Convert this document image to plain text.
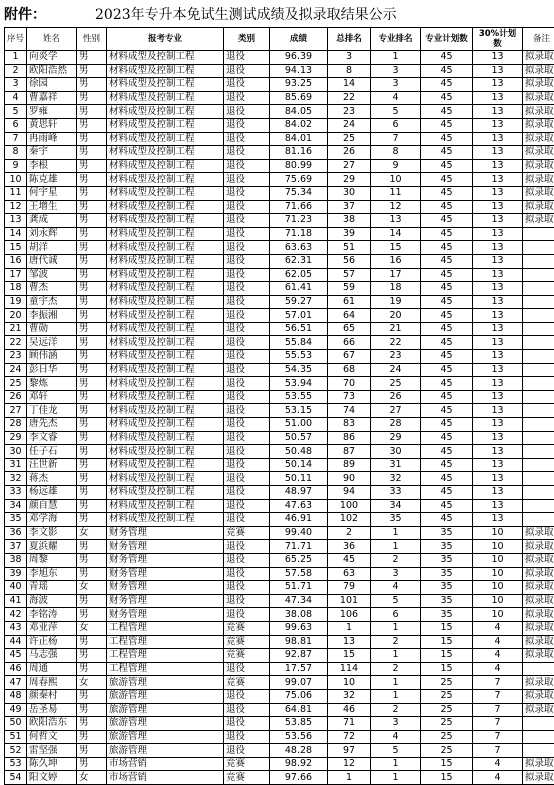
附件：	2023年专升本免试生测试成绩及拟录取结果公示
序号	姓名	性别	报考专业	类别	成绩	总排名	专业排名	专业计划数	30%计划数	备注
1	向炎学	男	材料成型及控制工程	退役	96.39	3	1	45	13	拟录取
2	欧阳浩然	男	材料成型及控制工程	退役	94.13	8	3	45	13	拟录取
3	徐园	男	材料成型及控制工程	退役	93.25	14	3	45	13	拟录取
4	曹嘉祥	男	材料成型及控制工程	退役	85.69	22	4	45	13	拟录取
5	罗雍	男	材料成型及控制工程	退役	84.05	23	5	45	13	拟录取
6	黄思轩	男	材料成型及控制工程	退役	84.02	24	6	45	13	拟录取
7	冉雨峰	男	材料成型及控制工程	退役	84.01	25	7	45	13	拟录取
8	秦宇	男	材料成型及控制工程	退役	81.16	26	8	45	13	拟录取
9	李根	男	材料成型及控制工程	退役	80.99	27	9	45	13	拟录取
10	陈克雄	男	材料成型及控制工程	退役	75.69	29	10	45	13	拟录取
11	何宇星	男	材料成型及控制工程	退役	75.34	30	11	45	13	拟录取
12	王增生	男	材料成型及控制工程	退役	71.66	37	12	45	13	拟录取
13	龚成	男	材料成型及控制工程	退役	71.23	38	13	45	13	拟录取
14	刘永辉	男	材料成型及控制工程	退役	71.18	39	14	45	13	
15	胡洋	男	材料成型及控制工程	退役	63.63	51	15	45	13	
16	唐代诚	男	材料成型及控制工程	退役	62.31	56	16	45	13	
17	邹波	男	材料成型及控制工程	退役	62.05	57	17	45	13	
18	曹杰	男	材料成型及控制工程	退役	61.41	59	18	45	13	
19	童宇杰	男	材料成型及控制工程	退役	59.27	61	19	45	13	
20	李振湘	男	材料成型及控制工程	退役	57.01	64	20	45	13	
21	曹勋	男	材料成型及控制工程	退役	56.51	65	21	45	13	
22	吴远洋	男	材料成型及控制工程	退役	55.84	66	22	45	13	
23	顾伟涵	男	材料成型及控制工程	退役	55.53	67	23	45	13	
24	彭日华	男	材料成型及控制工程	退役	54.35	68	24	45	13	
25	黎炼	男	材料成型及控制工程	退役	53.94	70	25	45	13	
26	邓轩	男	材料成型及控制工程	退役	53.55	73	26	45	13	
27	丁佳龙	男	材料成型及控制工程	退役	53.15	74	27	45	13	
28	唐先杰	男	材料成型及控制工程	退役	51.00	83	28	45	13	
29	李文睿	男	材料成型及控制工程	退役	50.57	86	29	45	13	
30	任子石	男	材料成型及控制工程	退役	50.48	87	30	45	13	
31	汪世新	男	材料成型及控制工程	退役	50.14	89	31	45	13	
32	蒋杰	男	材料成型及控制工程	退役	50.11	90	32	45	13	
33	杨远雄	男	材料成型及控制工程	退役	48.97	94	33	45	13	
34	颜自慧	男	材料成型及控制工程	退役	47.63	100	34	45	13	
35	邓学海	男	材料成型及控制工程	退役	46.91	102	35	45	13	
36	李文影	女	财务管理	竞赛	99.40	2	1	35	10	拟录取
37	夏浜耀	男	财务管理	退役	71.71	36	1	35	10	拟录取
38	周黎	男	财务管理	退役	65.25	45	2	35	10	拟录取
39	李旭东	男	财务管理	退役	57.58	63	3	35	10	拟录取
40	青瑶	女	财务管理	退役	51.71	79	4	35	10	拟录取
41	海波	男	财务管理	退役	47.34	101	5	35	10	拟录取
42	李铭涛	男	财务管理	退役	38.08	106	6	35	10	拟录取
43	邓亚萍	女	工程管理	竞赛	99.63	1	1	15	4	拟录取
44	许正杨	男	工程管理	竞赛	98.81	13	2	15	4	拟录取
45	马志强	男	工程管理	竞赛	92.87	15	1	15	4	拟录取
46	周通	男	工程管理	退役	17.57	114	2	15	4	
47	周春熙	女	旅游管理	竞赛	99.07	10	1	25	7	拟录取
48	颜秦村	男	旅游管理	退役	75.06	32	1	25	7	拟录取
49	岳圣易	男	旅游管理	退役	64.81	46	2	25	7	拟录取
50	欧阳浩东	男	旅游管理	退役	53.85	71	3	25	7	
51	何哲文	男	旅游管理	退役	53.56	72	4	25	7	
52	雷坚强	男	旅游管理	退役	48.28	97	5	25	7	
53	陈久坤	男	市场营销	竞赛	98.92	12	1	15	4	拟录取
54	阳文婷	女	市场营销	竞赛	97.66	1	1	15	4	拟录取
